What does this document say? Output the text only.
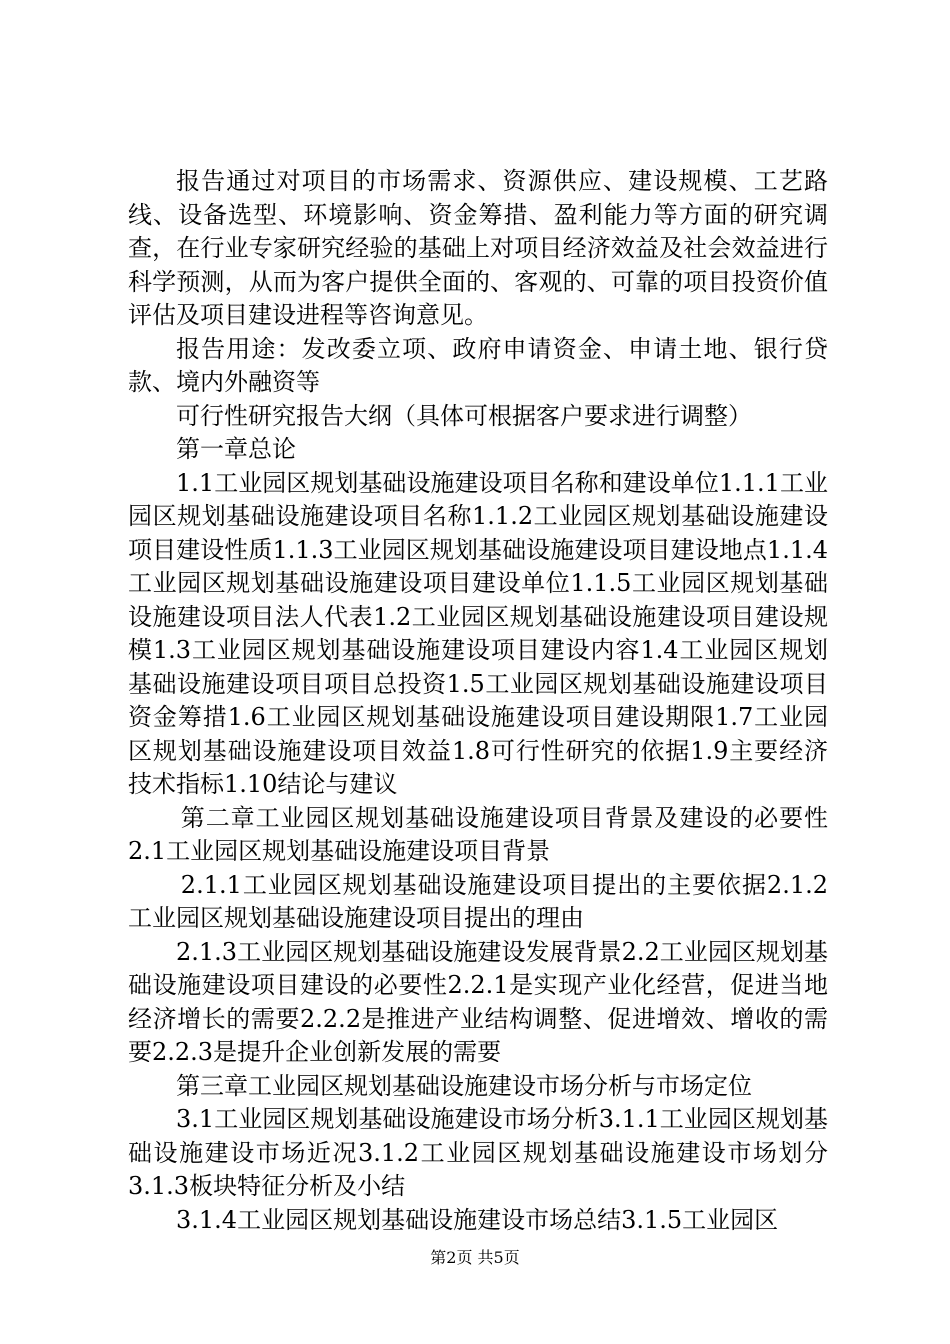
报告通过对项目的市场需求、资源供应、建设规模、工艺路线、设备选型、环境影响、资金筹措、盈利能力等方面的研究调查，在行业专家研究经验的基础上对项目经济效益及社会效益进行科学预测，从而为客户提供全面的、客观的、可靠的项目投资价值评估及项目建设进程等咨询意见。

报告用途：发改委立项、政府申请资金、申请土地、银行贷款、境内外融资等

可行性研究报告大纲（具体可根据客户要求进行调整）

第一章总论

1.1工业园区规划基础设施建设项目名称和建设单位1.1.1工业园区规划基础设施建设项目名称1.1.2工业园区规划基础设施建设项目建设性质1.1.3工业园区规划基础设施建设项目建设地点1.1.4工业园区规划基础设施建设项目建设单位1.1.5工业园区规划基础设施建设项目法人代表1.2工业园区规划基础设施建设项目建设规模1.3工业园区规划基础设施建设项目建设内容1.4工业园区规划基础设施建设项目项目总投资1.5工业园区规划基础设施建设项目资金筹措1.6工业园区规划基础设施建设项目建设期限1.7工业园区规划基础设施建设项目效益1.8可行性研究的依据1.9主要经济技术指标1.10结论与建议

第二章工业园区规划基础设施建设项目背景及建设的必要性2.1工业园区规划基础设施建设项目背景

2.1.1工业园区规划基础设施建设项目提出的主要依据2.1.2工业园区规划基础设施建设项目提出的理由

2.1.3工业园区规划基础设施建设发展背景2.2工业园区规划基础设施建设项目建设的必要性2.2.1是实现产业化经营，促进当地经济增长的需要2.2.2是推进产业结构调整、促进增效、增收的需要2.2.3是提升企业创新发展的需要

第三章工业园区规划基础设施建设市场分析与市场定位

3.1工业园区规划基础设施建设市场分析3.1.1工业园区规划基础设施建设市场近况3.1.2工业园区规划基础设施建设市场划分3.1.3板块特征分析及小结

3.1.4工业园区规划基础设施建设市场总结3.1.5工业园区

第2页 共5页
